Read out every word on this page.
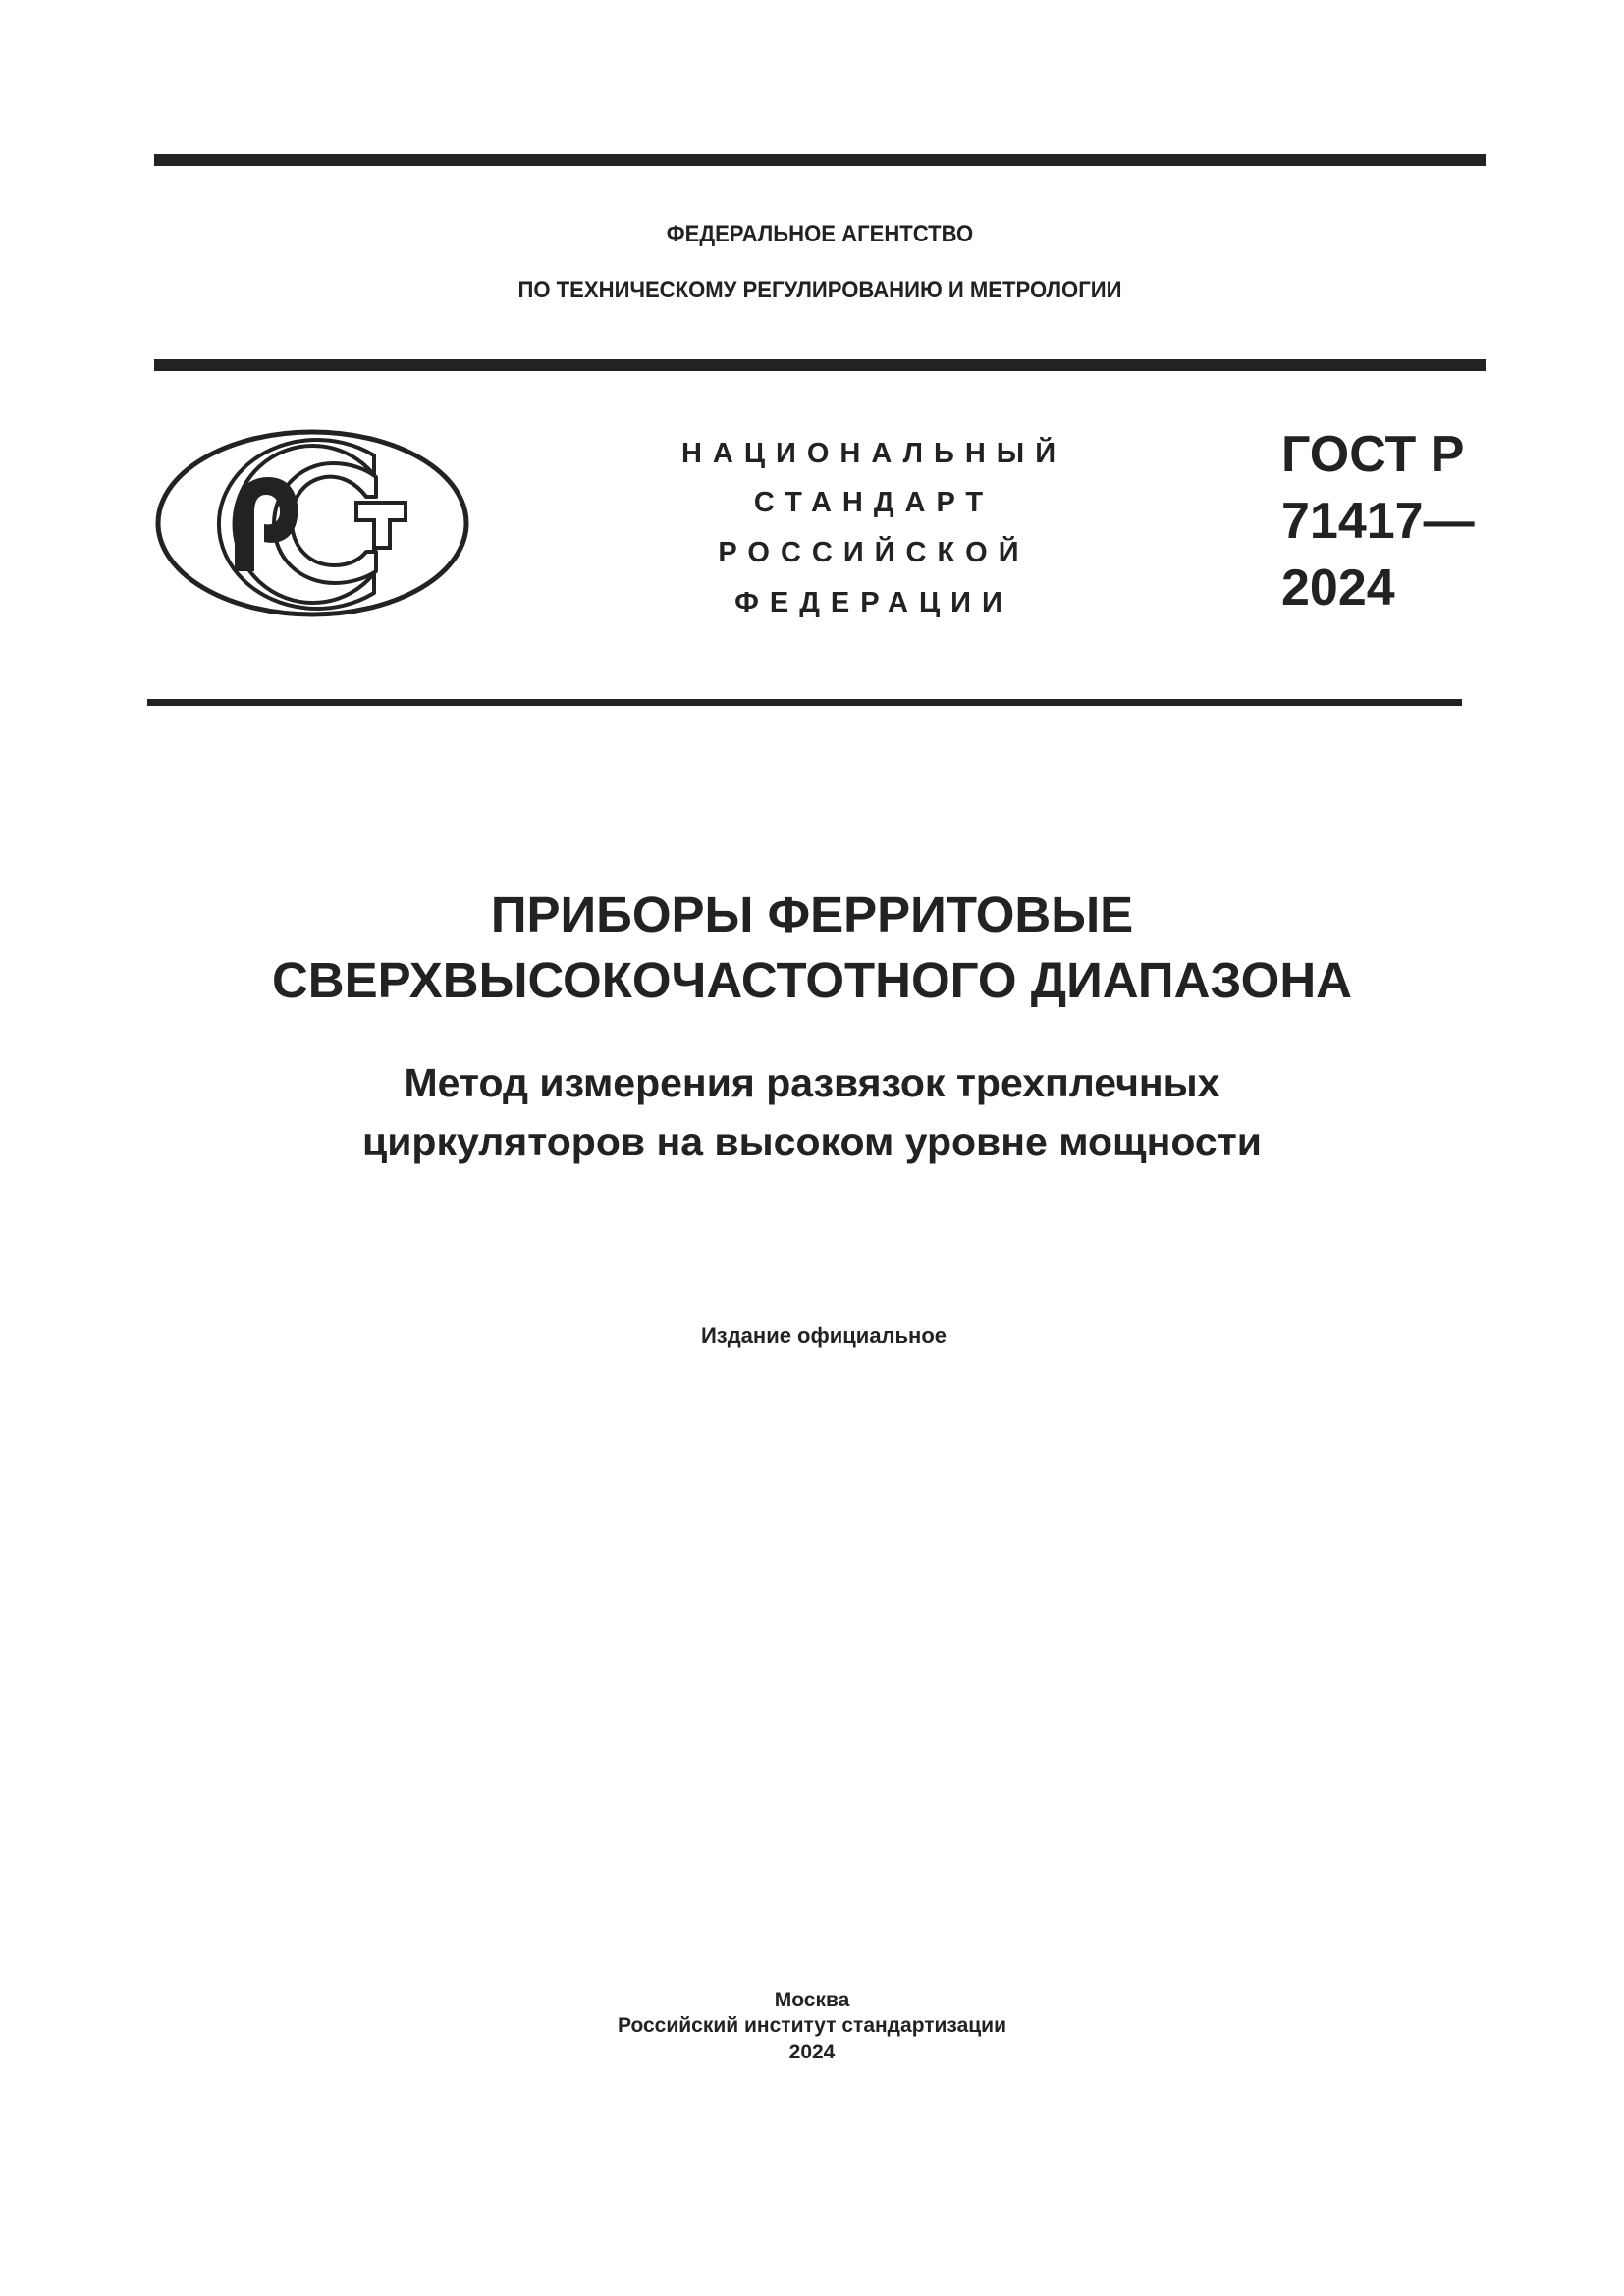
ФЕДЕРАЛЬНОЕ АГЕНТСТВО
ПО ТЕХНИЧЕСКОМУ РЕГУЛИРОВАНИЮ И МЕТРОЛОГИИ
НАЦИОНАЛЬНЫЙ
СТАНДАРТ
РОССИЙСКОЙ
ФЕДЕРАЦИИ
ГОСТ Р
71417—
2024
ПРИБОРЫ ФЕРРИТОВЫЕ
СВЕРХВЫСОКОЧАСТОТНОГО ДИАПАЗОНА
Метод измерения развязок трехплечных
циркуляторов на высоком уровне мощности
Издание официальное
Москва
Российский институт стандартизации
2024
